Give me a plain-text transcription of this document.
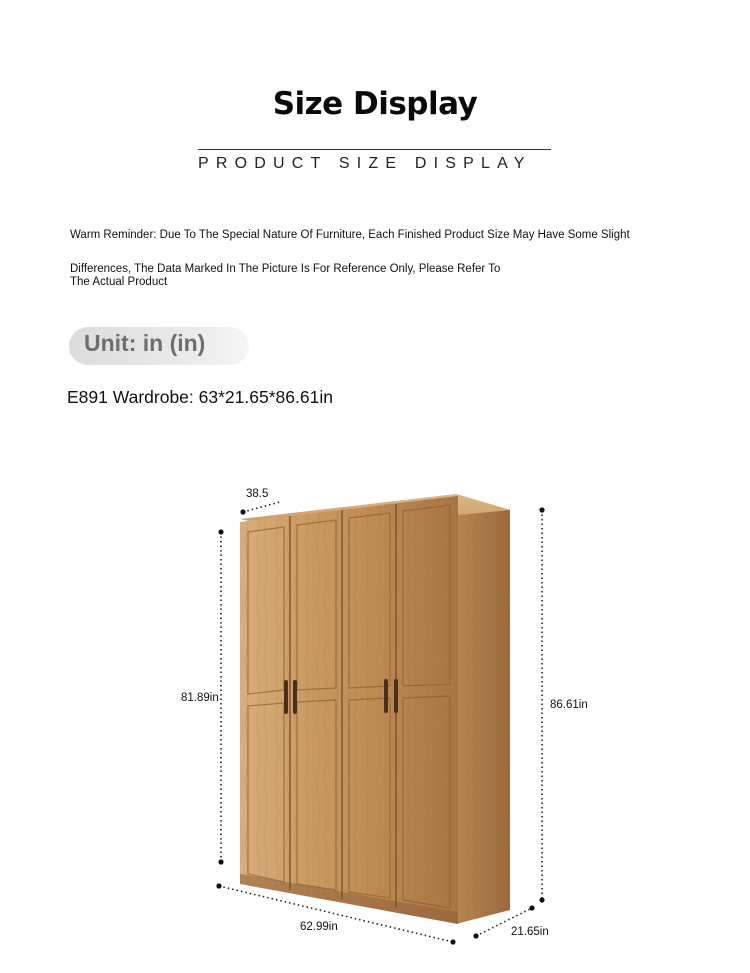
Size Display
PRODUCT SIZE DISPLAY
Warm Reminder: Due To The Special Nature Of Furniture, Each Finished Product Size May Have Some Slight
Differences, The Data Marked In The Picture Is For Reference Only, Please Refer To
The Actual Product
Unit: in (in)
E891 Wardrobe: 63*21.65*86.61in
38.5
81.89in
86.61in
62.99in	21.65in
